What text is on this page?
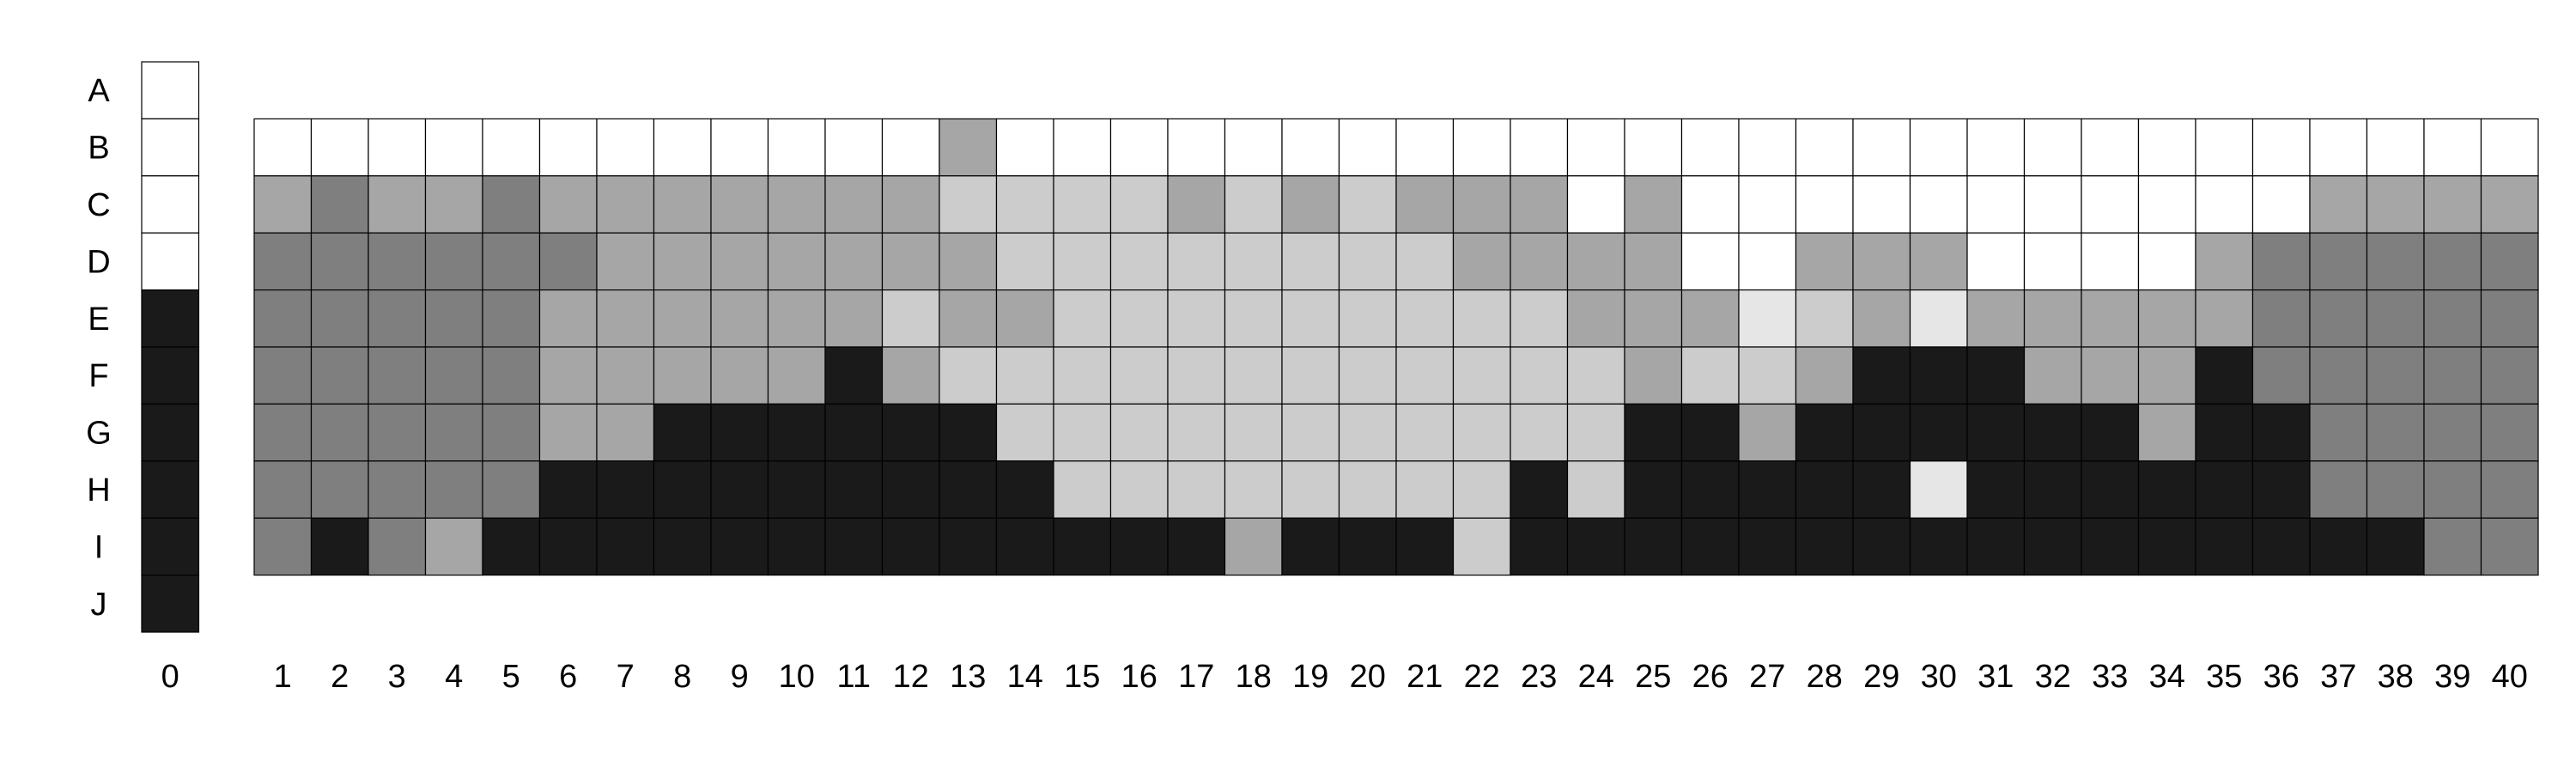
A
B
C
D
E
F
G
H
I
J
0	1 2 3 4 5 6 7 8 9 10 11 12 13 14 15 16 17 18 19 20 21 22 23 24 25 26 27 28 29 30 31 32 33 34 35 36 37 38 39 40
